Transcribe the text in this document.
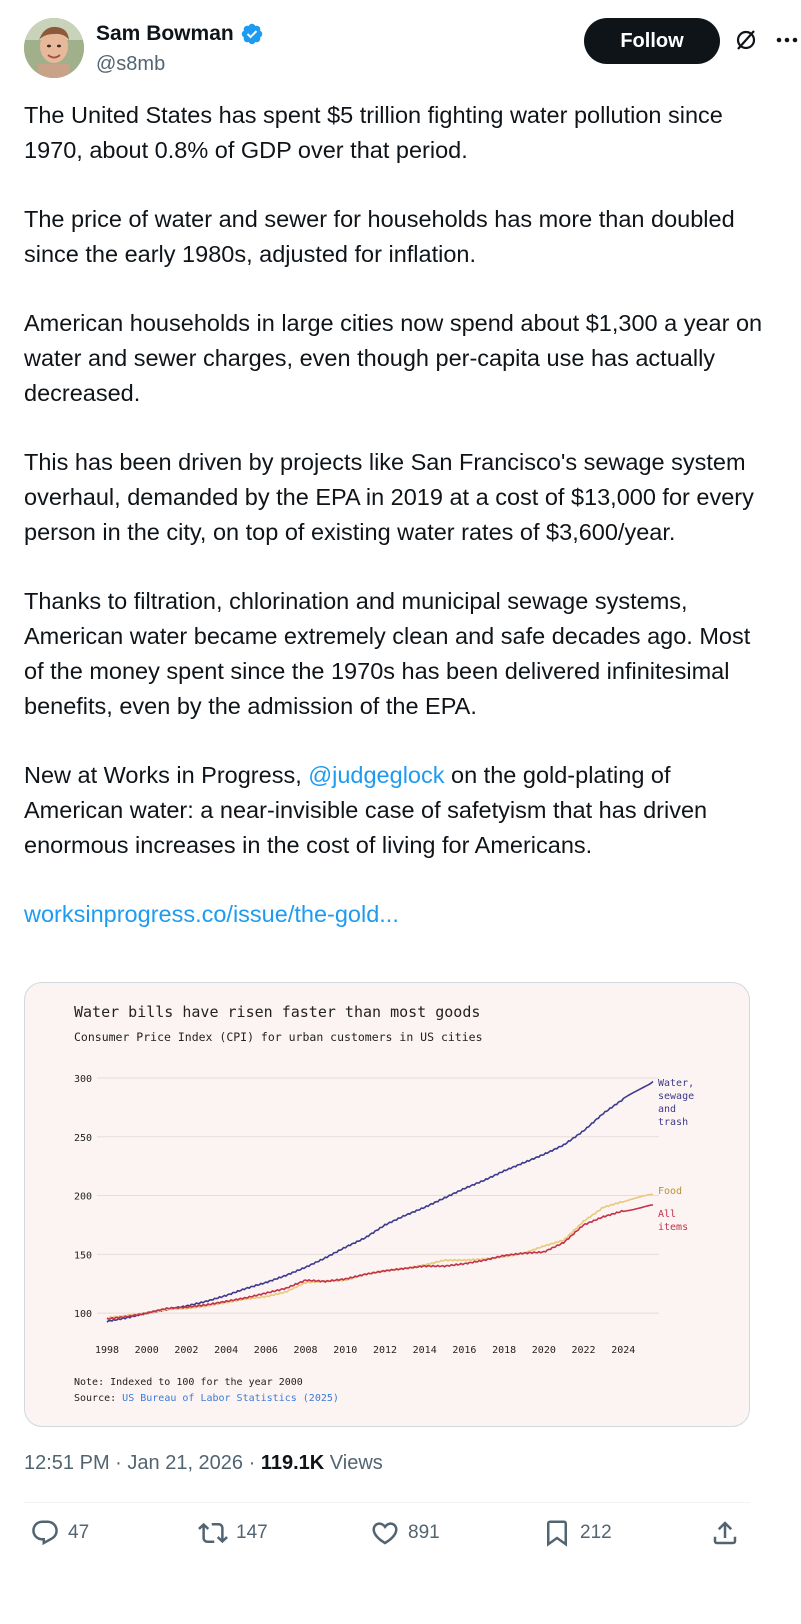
Sam Bowman
@s8mb
Follow

The United States has spent $5 trillion fighting water pollution since 1970, about 0.8% of GDP over that period.

The price of water and sewer for households has more than doubled since the early 1980s, adjusted for inflation.

American households in large cities now spend about $1,300 a year on water and sewer charges, even though per-capita use has actually decreased.

This has been driven by projects like San Francisco's sewage system overhaul, demanded by the EPA in 2019 at a cost of $13,000 for every person in the city, on top of existing water rates of $3,600/year.

Thanks to filtration, chlorination and municipal sewage systems, American water became extremely clean and safe decades ago. Most of the money spent since the 1970s has been delivered infinitesimal benefits, even by the admission of the EPA.

New at Works in Progress, @judgeglock on the gold-plating of American water: a near-invisible case of safetyism that has driven enormous increases in the cost of living for Americans.

worksinprogress.co/issue/the-gold...

Water bills have risen faster than most goods
Consumer Price Index (CPI) for urban customers in US cities
100
150
200
250
300
1998 2000 2002 2004 2006 2008 2010 2012 2014 2016 2018 2020 2022 2024
Water, sewage and trash
Food
All items
Note: Indexed to 100 for the year 2000
Source: US Bureau of Labor Statistics (2025)
12:51 PM · Jan 21, 2026 · 119.1K Views
47	147	891	212
